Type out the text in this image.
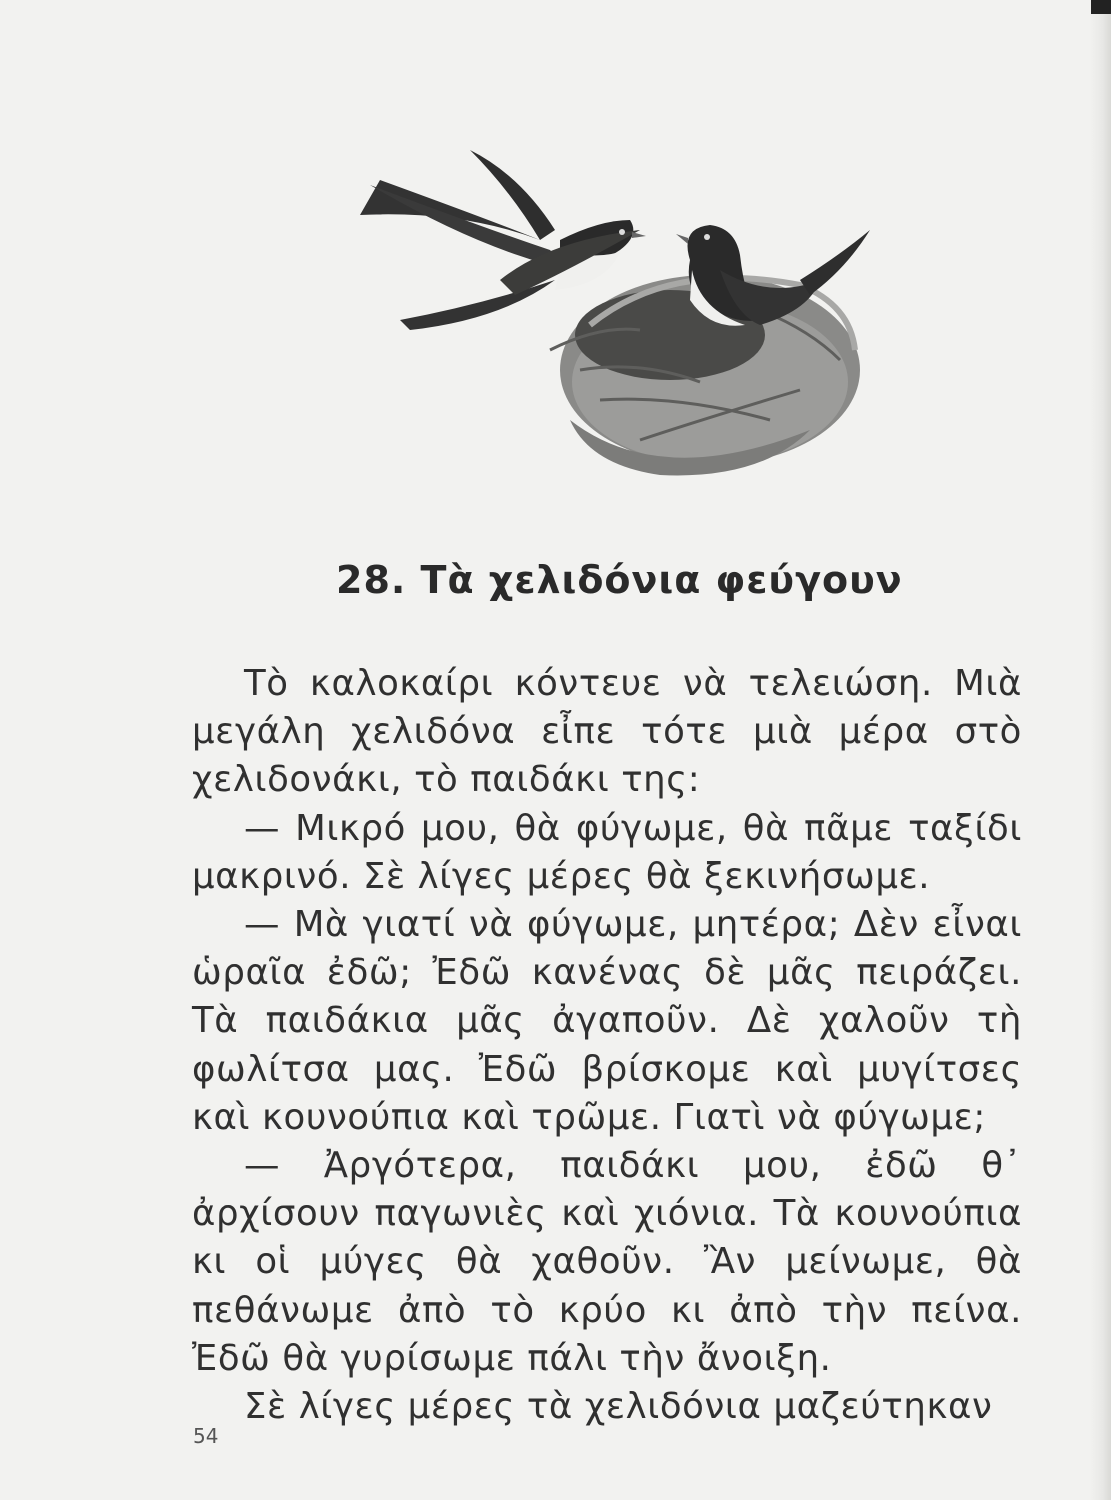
28. Τὰ χελιδόνια φεύγουν

Τὸ καλοκαίρι κόντευε νὰ τελειώση. Μιὰ μεγάλη χελιδόνα εἶπε τότε μιὰ μέρα στὸ χελιδονάκι, τὸ παιδάκι της:

— Μικρό μου, θὰ φύγωμε, θὰ πᾶμε ταξίδι μακρινό. Σὲ λίγες μέρες θὰ ξεκινήσωμε.

— Μὰ γιατί νὰ φύγωμε, μητέρα; Δὲν εἶναι ὡραῖα ἐδῶ; Ἐδῶ κανένας δὲ μᾶς πειράζει. Τὰ παιδάκια μᾶς ἀγαποῦν. Δὲ χαλοῦν τὴ φωλίτσα μας. Ἐδῶ βρίσκομε καὶ μυγίτσες καὶ κουνούπια καὶ τρῶμε. Γιατὶ νὰ φύγωμε;

— Ἀργότερα, παιδάκι μου, ἐδῶ θ᾽ ἀρχίσουν παγωνιὲς καὶ χιόνια. Τὰ κουνούπια κι οἱ μύγες θὰ χαθοῦν. Ἂν μείνωμε, θὰ πεθάνωμε ἀπὸ τὸ κρύο κι ἀπὸ τὴν πείνα. Ἐδῶ θὰ γυρίσωμε πάλι τὴν ἄνοιξη.

Σὲ λίγες μέρες τὰ χελιδόνια μαζεύτηκαν

54
